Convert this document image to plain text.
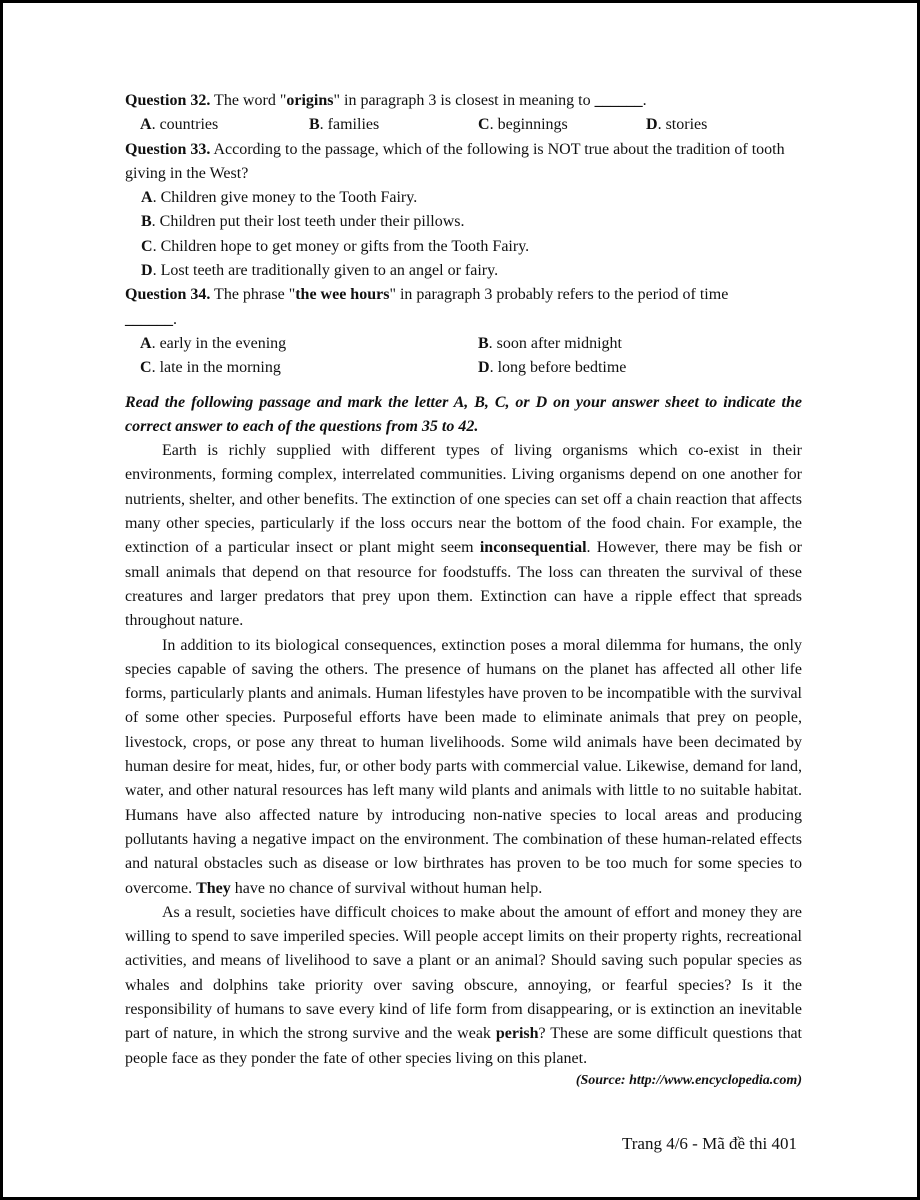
Question 32. The word "origins" in paragraph 3 is closest in meaning to ______.
A. countries	B. families	C. beginnings	D. stories
Question 33. According to the passage, which of the following is NOT true about the tradition of tooth giving in the West?
A. Children give money to the Tooth Fairy.
B. Children put their lost teeth under their pillows.
C. Children hope to get money or gifts from the Tooth Fairy.
D. Lost teeth are traditionally given to an angel or fairy.
Question 34. The phrase "the wee hours" in paragraph 3 probably refers to the period of time
______.
A. early in the evening	B. soon after midnight
C. late in the morning	D. long before bedtime
Read the following passage and mark the letter A, B, C, or D on your answer sheet to indicate the correct answer to each of the questions from 35 to 42.
Earth is richly supplied with different types of living organisms which co-exist in their environments, forming complex, interrelated communities. Living organisms depend on one another for nutrients, shelter, and other benefits. The extinction of one species can set off a chain reaction that affects many other species, particularly if the loss occurs near the bottom of the food chain. For example, the extinction of a particular insect or plant might seem inconsequential. However, there may be fish or small animals that depend on that resource for foodstuffs. The loss can threaten the survival of these creatures and larger predators that prey upon them. Extinction can have a ripple effect that spreads throughout nature.
In addition to its biological consequences, extinction poses a moral dilemma for humans, the only species capable of saving the others. The presence of humans on the planet has affected all other life forms, particularly plants and animals. Human lifestyles have proven to be incompatible with the survival of some other species. Purposeful efforts have been made to eliminate animals that prey on people, livestock, crops, or pose any threat to human livelihoods. Some wild animals have been decimated by human desire for meat, hides, fur, or other body parts with commercial value. Likewise, demand for land, water, and other natural resources has left many wild plants and animals with little to no suitable habitat. Humans have also affected nature by introducing non-native species to local areas and producing pollutants having a negative impact on the environment. The combination of these human-related effects and natural obstacles such as disease or low birthrates has proven to be too much for some species to overcome. They have no chance of survival without human help.
As a result, societies have difficult choices to make about the amount of effort and money they are willing to spend to save imperiled species. Will people accept limits on their property rights, recreational activities, and means of livelihood to save a plant or an animal? Should saving such popular species as whales and dolphins take priority over saving obscure, annoying, or fearful species? Is it the responsibility of humans to save every kind of life form from disappearing, or is extinction an inevitable part of nature, in which the strong survive and the weak perish? These are some difficult questions that people face as they ponder the fate of other species living on this planet.
(Source: http://www.encyclopedia.com)
Trang 4/6 - Mã đề thi 401
